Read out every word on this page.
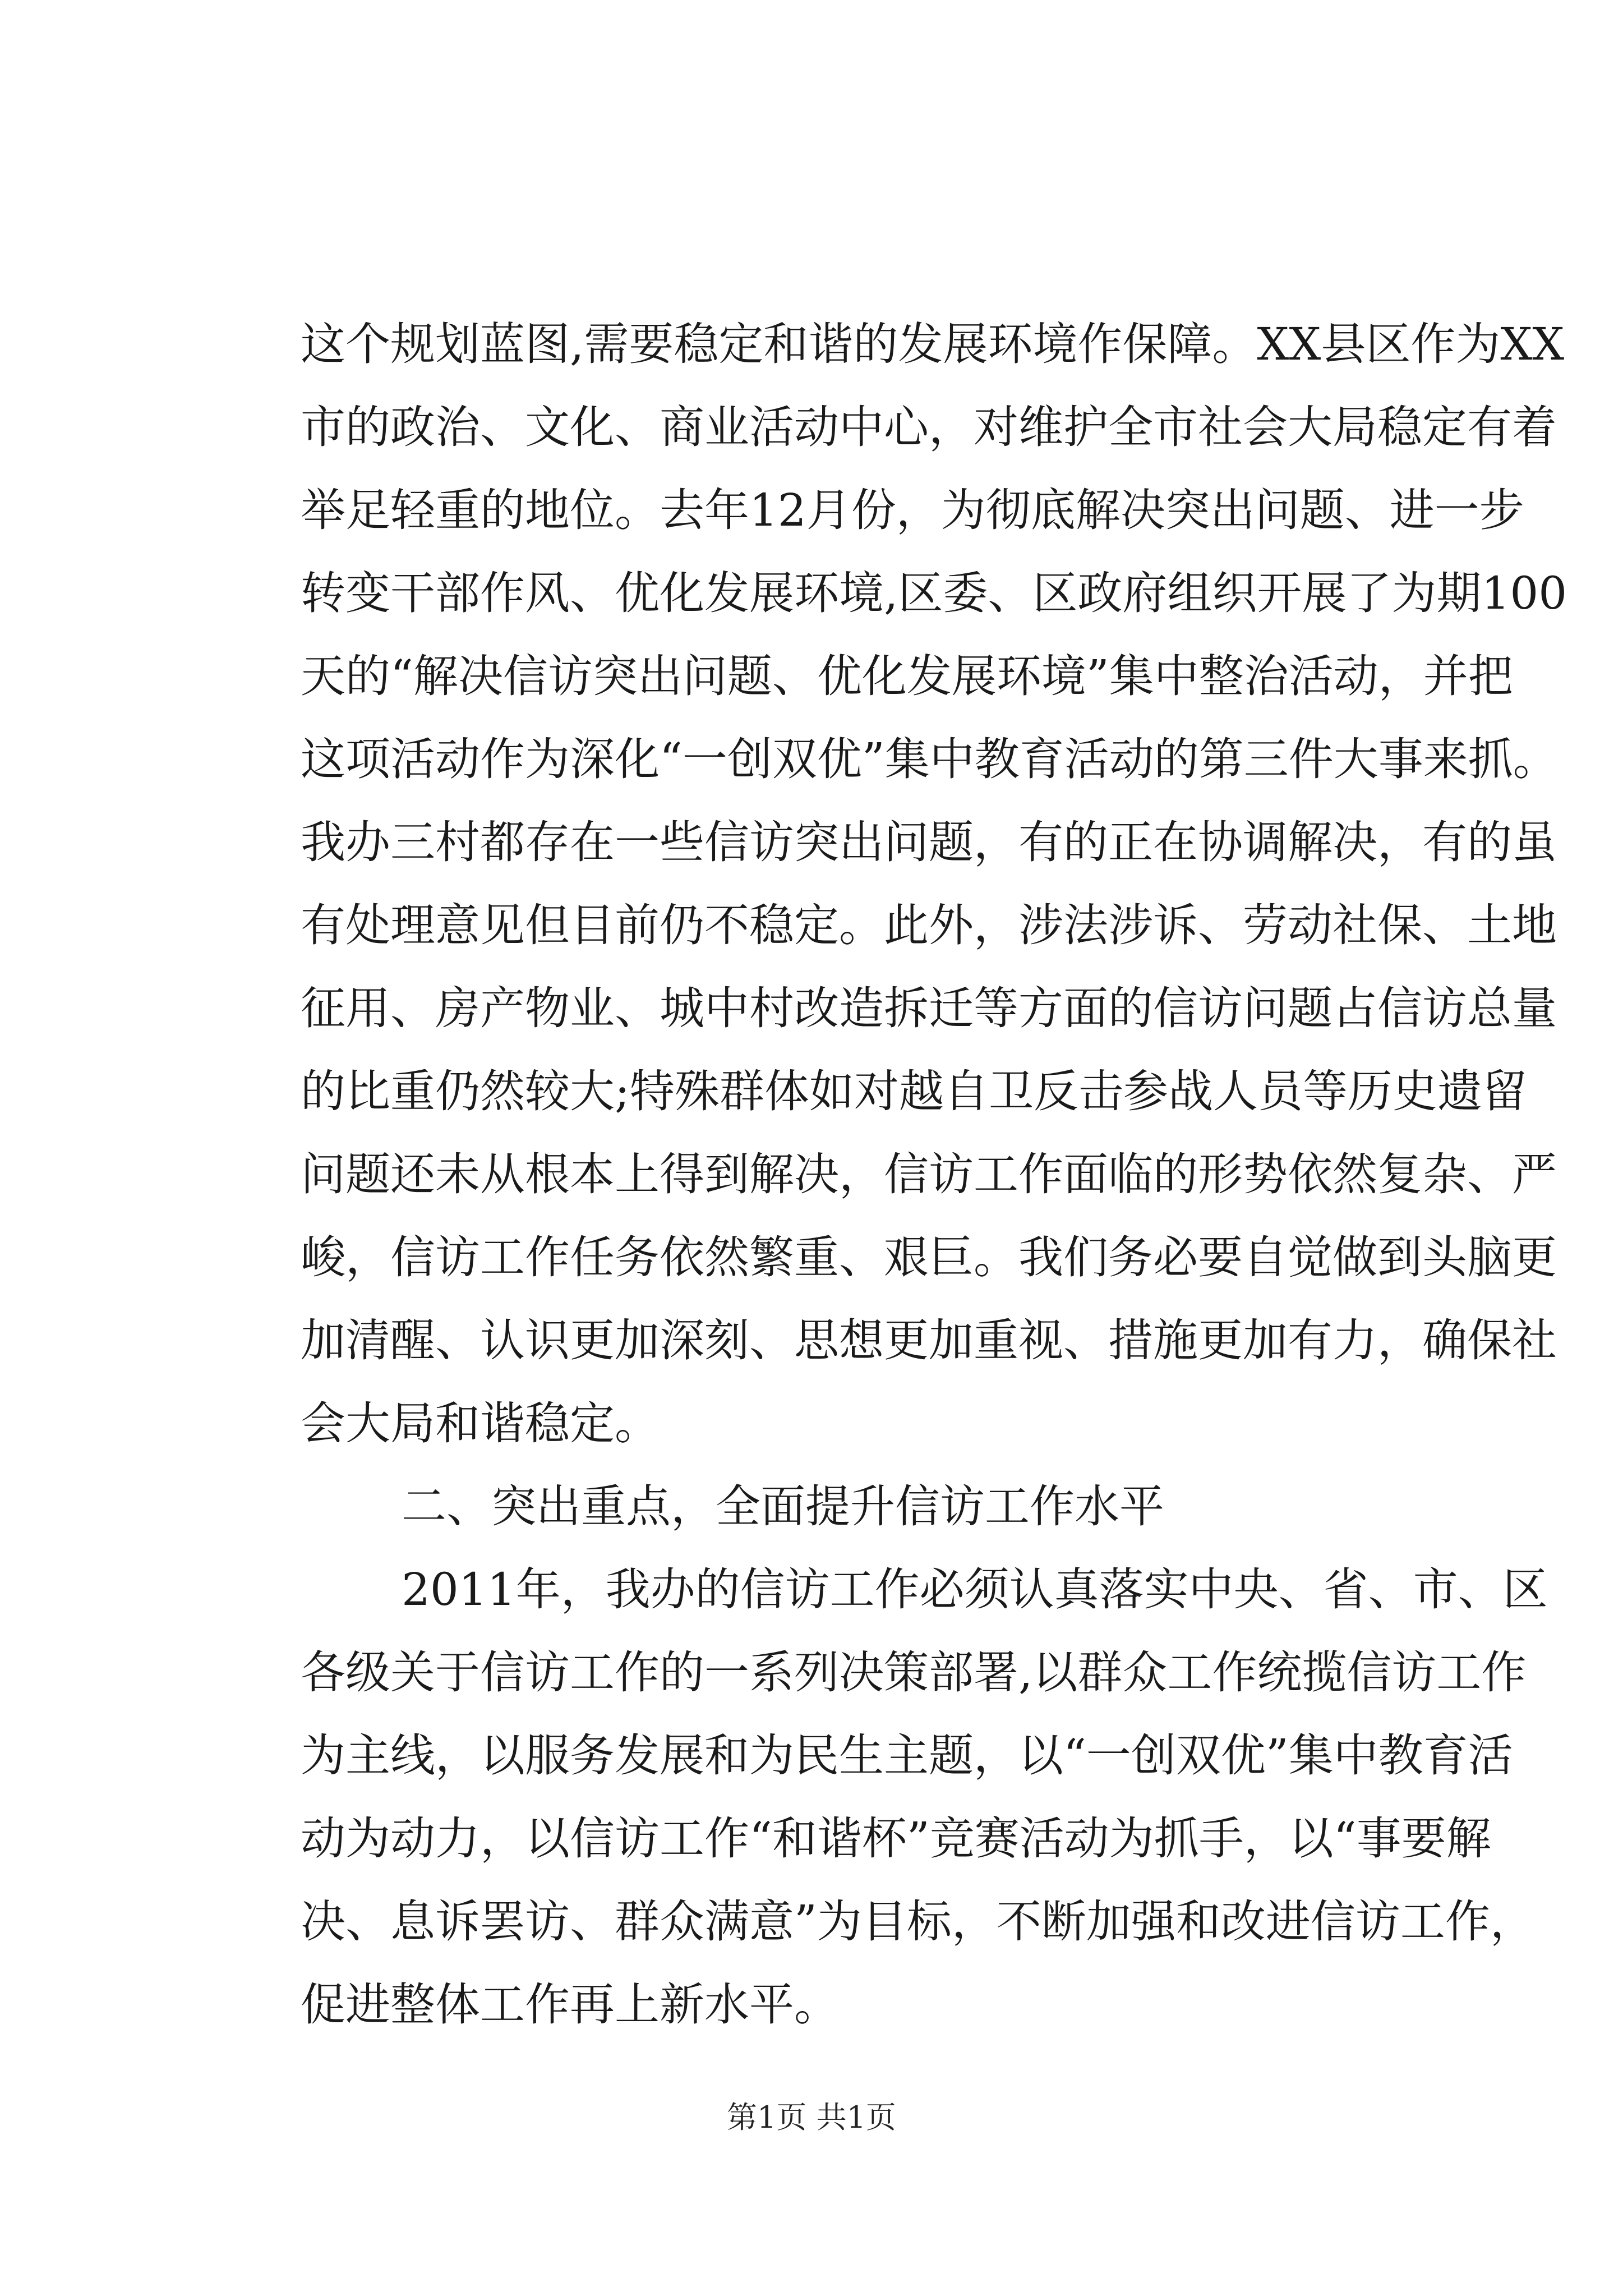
这个规划蓝图,需要稳定和谐的发展环境作保障。XX县区作为XX
市的政治、文化、商业活动中心，对维护全市社会大局稳定有着
举足轻重的地位。去年12月份，为彻底解决突出问题、进一步
转变干部作风、优化发展环境,区委、区政府组织开展了为期100
天的“解决信访突出问题、优化发展环境”集中整治活动，并把
这项活动作为深化“一创双优”集中教育活动的第三件大事来抓。
我办三村都存在一些信访突出问题，有的正在协调解决，有的虽
有处理意见但目前仍不稳定。此外，涉法涉诉、劳动社保、土地
征用、房产物业、城中村改造拆迁等方面的信访问题占信访总量
的比重仍然较大;特殊群体如对越自卫反击参战人员等历史遗留
问题还未从根本上得到解决，信访工作面临的形势依然复杂、严
峻，信访工作任务依然繁重、艰巨。我们务必要自觉做到头脑更
加清醒、认识更加深刻、思想更加重视、措施更加有力，确保社
会大局和谐稳定。
二、突出重点，全面提升信访工作水平
2011年，我办的信访工作必须认真落实中央、省、市、区
各级关于信访工作的一系列决策部署,以群众工作统揽信访工作
为主线，以服务发展和为民生主题，以“一创双优”集中教育活
动为动力，以信访工作“和谐杯”竞赛活动为抓手，以“事要解
决、息诉罢访、群众满意”为目标，不断加强和改进信访工作，
促进整体工作再上新水平。
第1页 共1页
